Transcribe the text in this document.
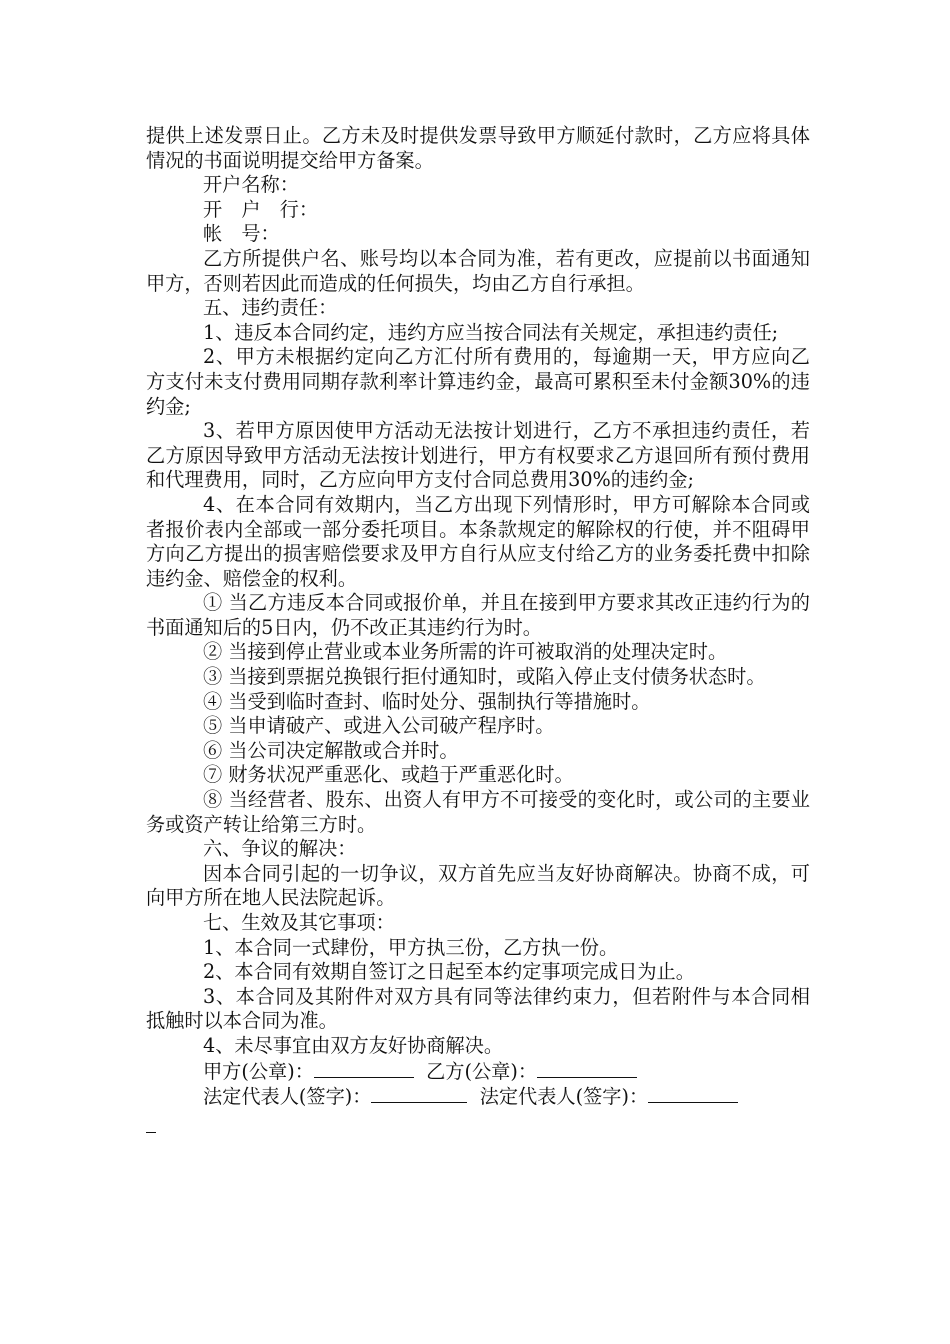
提供上述发票日止。乙方未及时提供发票导致甲方顺延付款时，乙方应将具体情况的书面说明提交给甲方备案。

开户名称：

开　户　行：

帐　号：

乙方所提供户名、账号均以本合同为准，若有更改，应提前以书面通知甲方，否则若因此而造成的任何损失，均由乙方自行承担。

五、违约责任：

1、违反本合同约定，违约方应当按合同法有关规定，承担违约责任;

2、甲方未根据约定向乙方汇付所有费用的，每逾期一天，甲方应向乙方支付未支付费用同期存款利率计算违约金，最高可累积至未付金额30%的违约金;

3、若甲方原因使甲方活动无法按计划进行，乙方不承担违约责任，若乙方原因导致甲方活动无法按计划进行，甲方有权要求乙方退回所有预付费用和代理费用，同时，乙方应向甲方支付合同总费用30%的违约金;

4、在本合同有效期内，当乙方出现下列情形时，甲方可解除本合同或者报价表内全部或一部分委托项目。本条款规定的解除权的行使，并不阻碍甲方向乙方提出的损害赔偿要求及甲方自行从应支付给乙方的业务委托费中扣除违约金、赔偿金的权利。

① 当乙方违反本合同或报价单，并且在接到甲方要求其改正违约行为的书面通知后的5日内，仍不改正其违约行为时。

② 当接到停止营业或本业务所需的许可被取消的处理决定时。

③ 当接到票据兑换银行拒付通知时，或陷入停止支付债务状态时。

④ 当受到临时查封、临时处分、强制执行等措施时。

⑤ 当申请破产、或进入公司破产程序时。

⑥ 当公司决定解散或合并时。

⑦ 财务状况严重恶化、或趋于严重恶化时。

⑧ 当经营者、股东、出资人有甲方不可接受的变化时，或公司的主要业务或资产转让给第三方时。

六、争议的解决：

因本合同引起的一切争议，双方首先应当友好协商解决。协商不成，可向甲方所在地人民法院起诉。

七、生效及其它事项：

1、本合同一式肆份，甲方执三份，乙方执一份。

2、本合同有效期自签订之日起至本约定事项完成日为止。

3、本合同及其附件对双方具有同等法律约束力，但若附件与本合同相抵触时以本合同为准。

4、未尽事宜由双方友好协商解决。

甲方(公章)：	乙方(公章)：
法定代表人(签字)：	法定代表人(签字)：
